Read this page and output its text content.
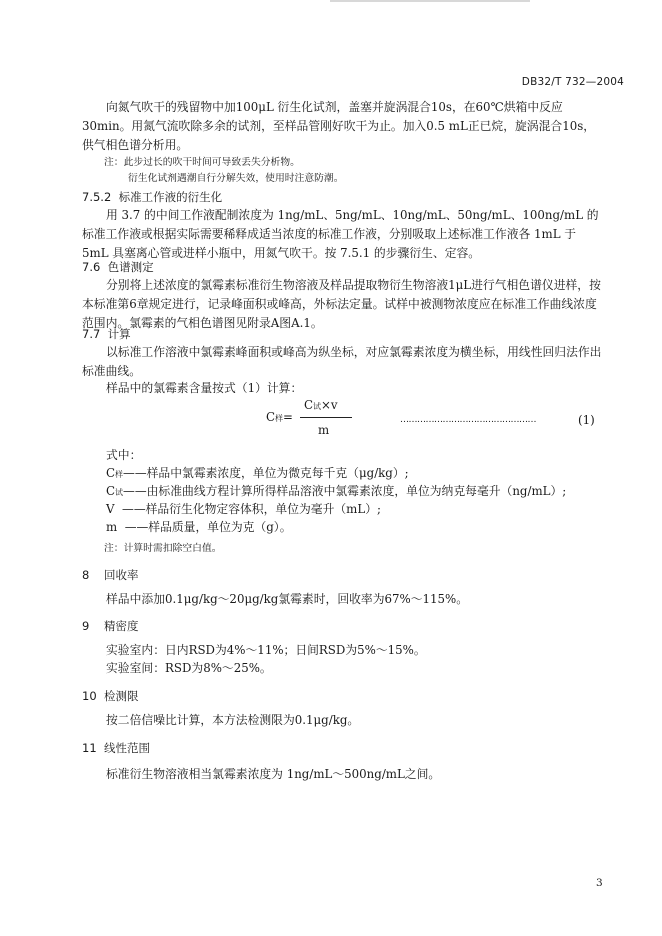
DB32/T 732—2004
向氮气吹干的残留物中加100μL 衍生化试剂，盖塞并旋涡混合10s，在60℃烘箱中反应30min。用氮气流吹除多余的试剂，至样品管刚好吹干为止。加入0.5 mL正已烷，旋涡混合10s，供气相色谱分析用。
注：此步过长的吹干时间可导致丢失分析物。
衍生化试剂遇潮自行分解失效，使用时注意防潮。
7.5.2 标准工作液的衍生化
用 3.7 的中间工作液配制浓度为 1ng/mL、5ng/mL、10ng/mL、50ng/mL、100ng/mL 的标准工作液或根据实际需要稀释成适当浓度的标准工作液，分别吸取上述标准工作液各 1mL 于 5mL 具塞离心管或进样小瓶中，用氮气吹干。按 7.5.1 的步骤衍生、定容。
7.6 色谱测定
分别将上述浓度的氯霉素标准衍生物溶液及样品提取物衍生物溶液1μL进行气相色谱仪进样，按本标准第6章规定进行，记录峰面积或峰高，外标法定量。试样中被测物浓度应在标准工作曲线浓度范围内。氯霉素的气相色谱图见附录A图A.1。
7.7 计算
以标准工作溶液中氯霉素峰面积或峰高为纵坐标，对应氯霉素浓度为横坐标，用线性回归法作出标准曲线。
样品中的氯霉素含量按式（1）计算：
C样=
C试×v
m
…………………………………………	(1)
式中：
C样——样品中氯霉素浓度，单位为微克每千克（μg/kg）;
C试——由标准曲线方程计算所得样品溶液中氯霉素浓度，单位为纳克每毫升（ng/mL）;
V ——样品衍生化物定容体积，单位为毫升（mL）;
m ——样品质量，单位为克（g）。
注：计算时需扣除空白值。
8 回收率
样品中添加0.1μg/kg～20μg/kg氯霉素时，回收率为67%～115%。
9 精密度
实验室内：日内RSD为4%～11%；日间RSD为5%～15%。
实验室间：RSD为8%～25%。
10 检测限
按二倍信噪比计算，本方法检测限为0.1μg/kg。
11 线性范围
标准衍生物溶液相当氯霉素浓度为 1ng/mL～500ng/mL之间。
3
